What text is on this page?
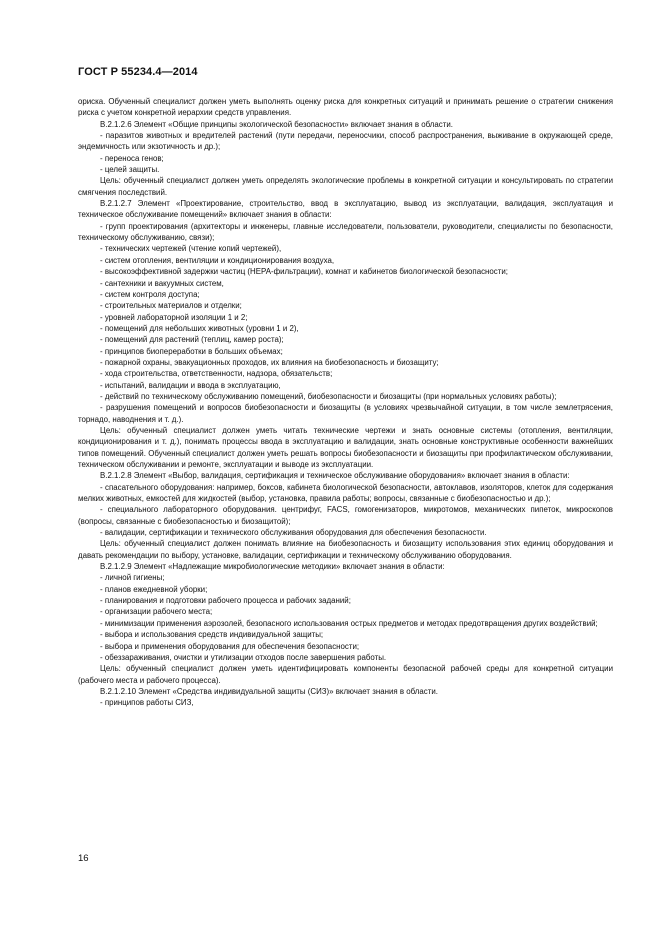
ГОСТ Р 55234.4—2014

ориска. Обученный специалист должен уметь выполнять оценку риска для конкретных ситуаций и принимать решение о стратегии снижения риска с учетом конкретной иерархии средств управления.

В.2.1.2.6 Элемент «Общие принципы экологической безопасности» включает знания в области.

- паразитов животных и вредителей растений (пути передачи, переносчики, способ распространения, выживание в окружающей среде, эндемичность или экзотичность и др.);

- переноса генов;

- целей защиты.

Цель: обученный специалист должен уметь определять экологические проблемы в конкретной ситуации и консультировать по стратегии смягчения последствий.

В.2.1.2.7 Элемент «Проектирование, строительство, ввод в эксплуатацию, вывод из эксплуатации, валидация, эксплуатация и техническое обслуживание помещений» включает знания в области:

- групп проектирования (архитекторы и инженеры, главные исследователи, пользователи, руководители, специалисты по безопасности, техническому обслуживанию, связи);

- технических чертежей (чтение копий чертежей),

- систем отопления, вентиляции и кондиционирования воздуха,

- высокоэффективной задержки частиц (HEPA-фильтрации), комнат и кабинетов биологической безопасности;

- сантехники и вакуумных систем,

- систем контроля доступа;

- строительных материалов и отделки;

- уровней лабораторной изоляции 1 и 2;

- помещений для небольших животных (уровни 1 и 2),

- помещений для растений (теплиц, камер роста);

- принципов биопереработки в больших объемах;

- пожарной охраны, эвакуационных проходов, их влияния на биобезопасность и биозащиту;

- хода строительства, ответственности, надзора, обязательств;

- испытаний, валидации и ввода в эксплуатацию,

- действий по техническому обслуживанию помещений, биобезопасности и биозащиты (при нормальных условиях работы);

- разрушения помещений и вопросов биобезопасности и биозащиты (в условиях чрезвычайной ситуации, в том числе землетрясения, торнадо, наводнения и т. д.).

Цель: обученный специалист должен уметь читать технические чертежи и знать основные системы (отопления, вентиляции, кондиционирования и т. д.), понимать процессы ввода в эксплуатацию и валидации, знать основные конструктивные особенности важнейших типов помещений. Обученный специалист должен уметь решать вопросы биобезопасности и биозащиты при профилактическом обслуживании, техническом обслуживании и ремонте, эксплуатации и выводе из эксплуатации.

В.2.1.2.8 Элемент «Выбор, валидация, сертификация и техническое обслуживание оборудования» включает знания в области:

- спасательного оборудования: например, боксов, кабинета биологической безопасности, автоклавов, изоляторов, клеток для содержания мелких животных, емкостей для жидкостей (выбор, установка, правила работы; вопросы, связанные с биобезопасностью и др.);

- специального лабораторного оборудования. центрифуг, FACS, гомогенизаторов, микротомов, механических пипеток, микроскопов (вопросы, связанные с биобезопасностью и биозащитой);

- валидации, сертификации и технического обслуживания оборудования для обеспечения безопасности.

Цель: обученный специалист должен понимать влияние на биобезопасность и биозащиту использования этих единиц оборудования и давать рекомендации по выбору, установке, валидации, сертификации и техническому обслуживанию оборудования.

В.2.1.2.9 Элемент «Надлежащие микробиологические методики» включает знания в области:

- личной гигиены;

- планов ежедневной уборки;

- планирования и подготовки рабочего процесса и рабочих заданий;

- организации рабочего места;

- минимизации применения аэрозолей, безопасного использования острых предметов и методах предотвращения других воздействий;

- выбора и использования средств индивидуальной защиты;

- выбора и применения оборудования для обеспечения безопасности;

- обеззараживания, очистки и утилизации отходов после завершения работы.

Цель: обученный специалист должен уметь идентифицировать компоненты безопасной рабочей среды для конкретной ситуации (рабочего места и рабочего процесса).

В.2.1.2.10 Элемент «Средства индивидуальной защиты (СИЗ)» включает знания в области.

- принципов работы СИЗ,

16
